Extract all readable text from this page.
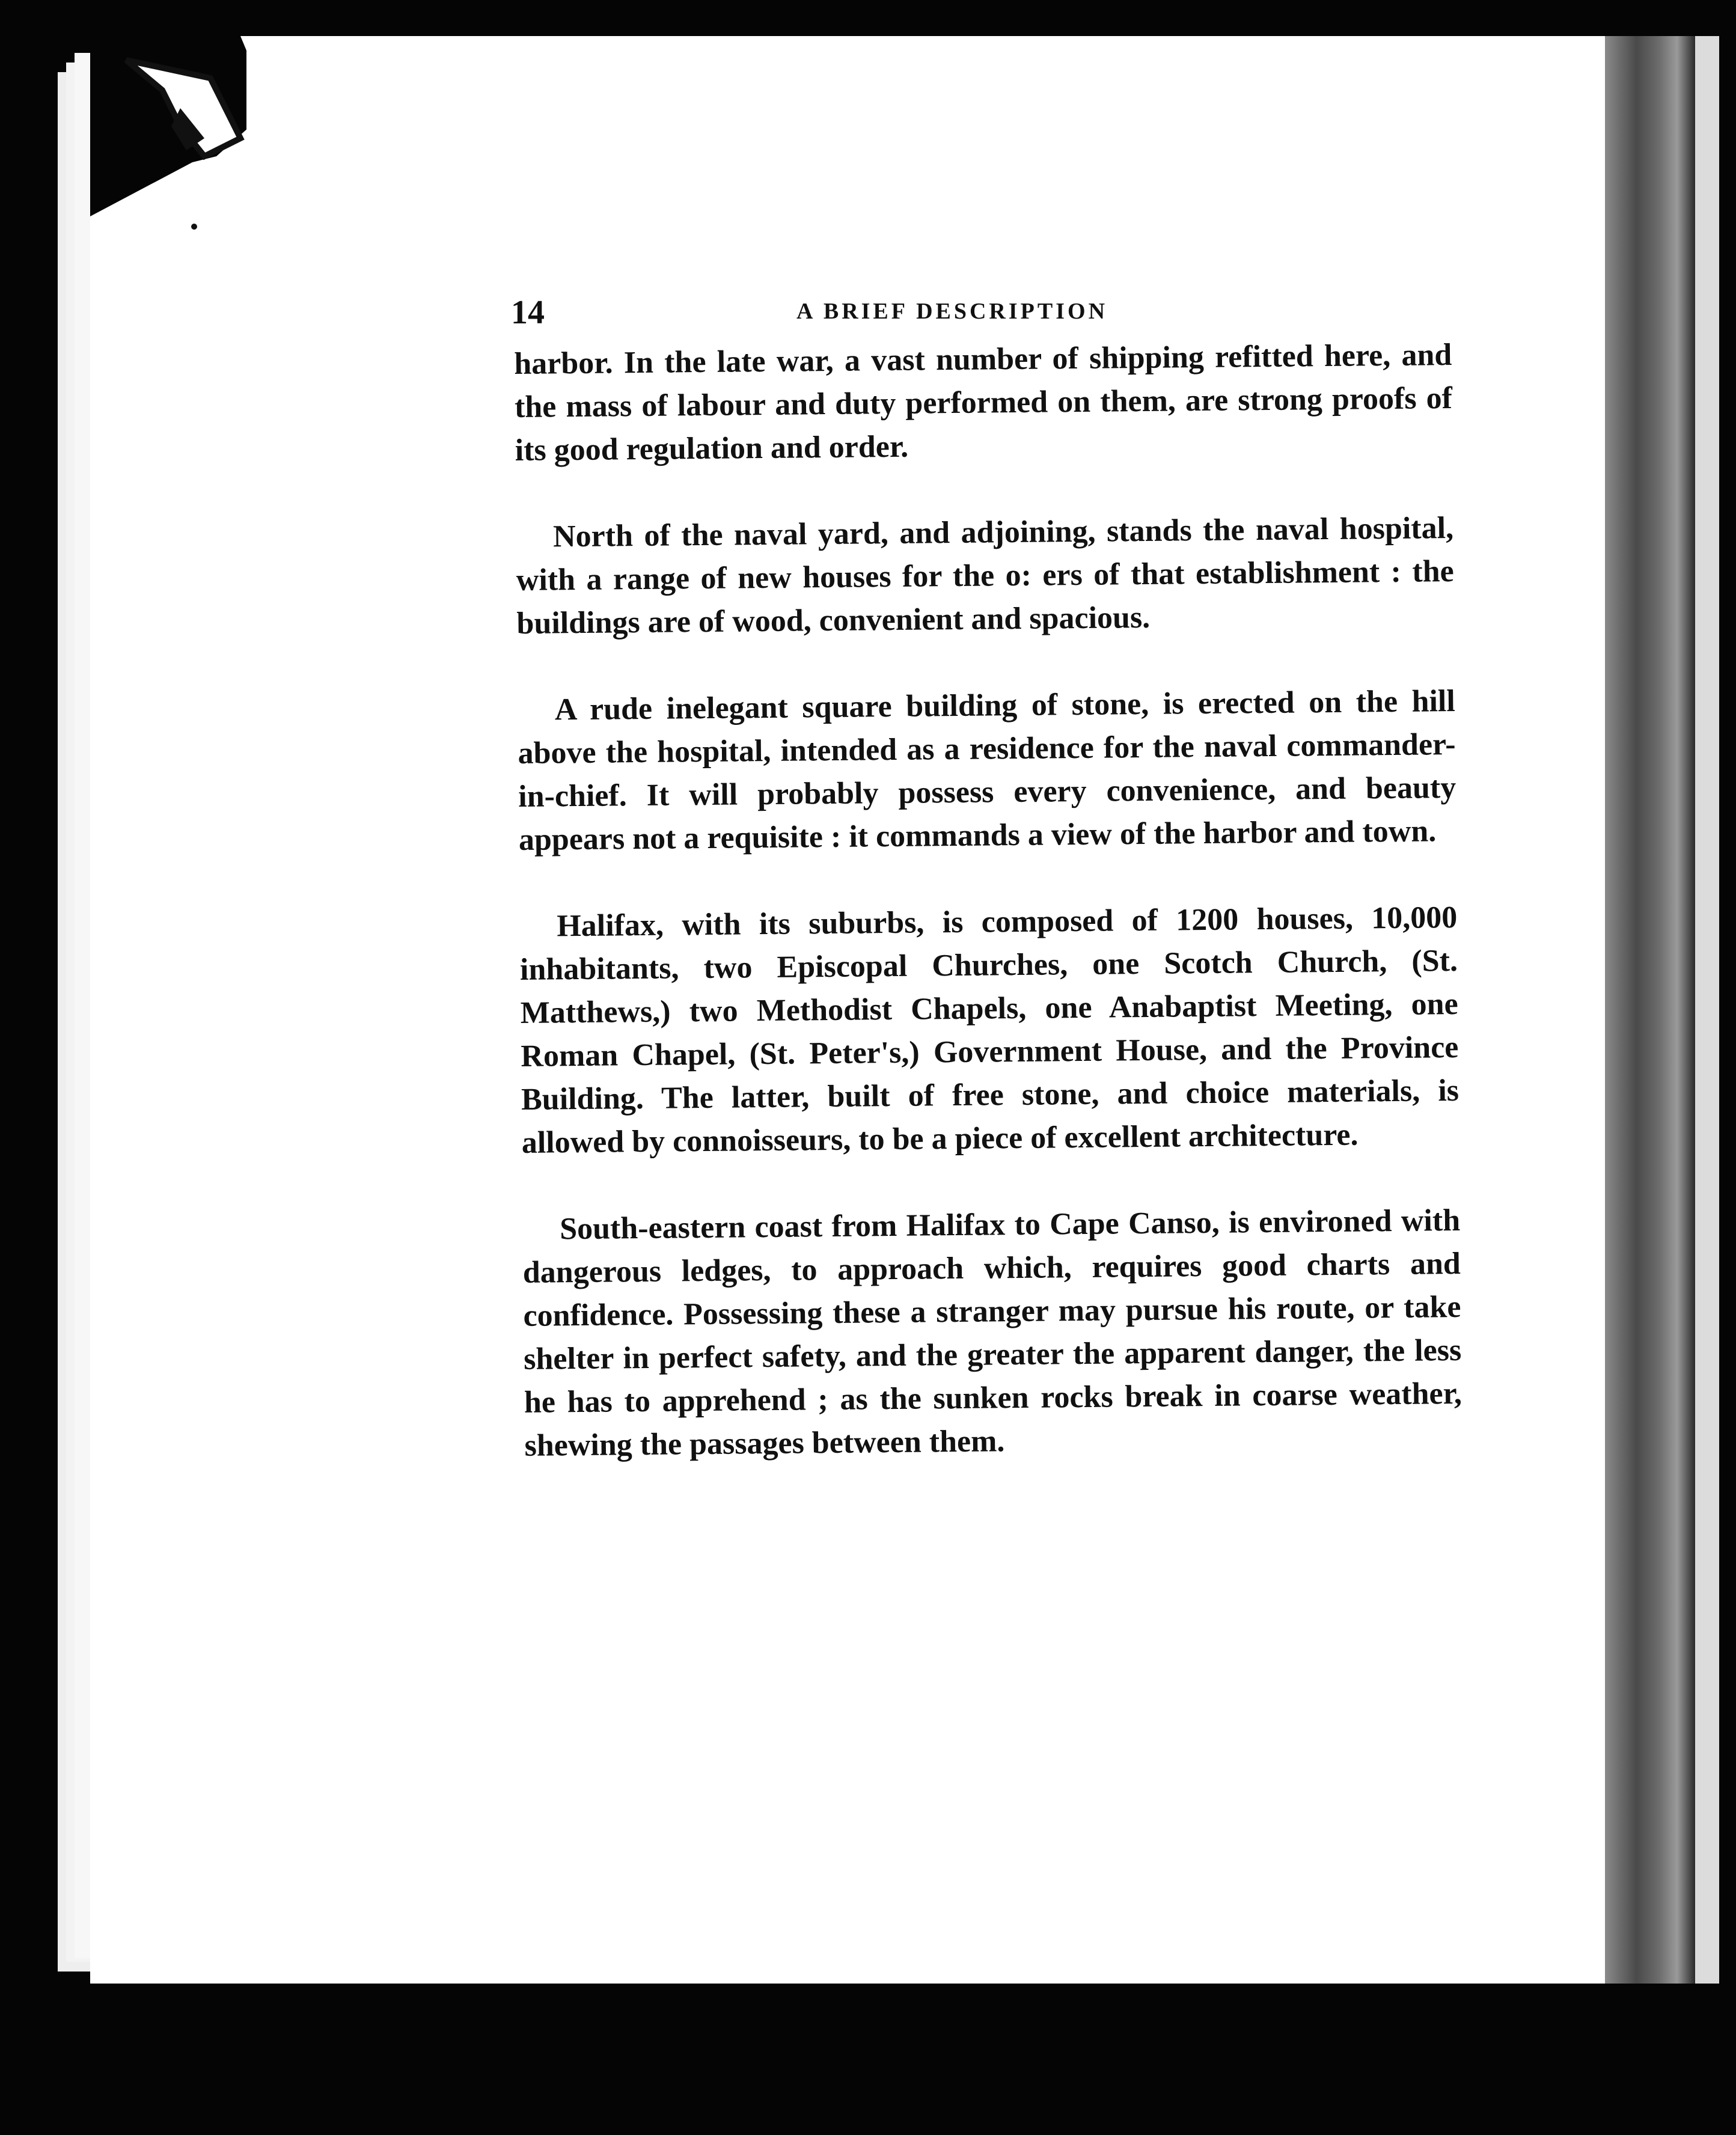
14	A BRIEF DESCRIPTION

harbor. In the late war, a vast number of shipping refitted here, and the mass of labour and duty performed on them, are strong proofs of its good regulation and order.

North of the naval yard, and adjoining, stands the naval hospital, with a range of new houses for the o: ers of that establishment : the buildings are of wood, convenient and spacious.

A rude inelegant square building of stone, is erected on the hill above the hospital, intended as a residence for the naval commander-in-chief. It will probably possess every convenience, and beauty appears not a requisite : it commands a view of the harbor and town.

Halifax, with its suburbs, is composed of 1200 houses, 10,000 inhabitants, two Episcopal Churches, one Scotch Church, (St. Matthews,) two Methodist Chapels, one Anabaptist Meeting, one Roman Chapel, (St. Peter's,) Government House, and the Province Building. The latter, built of free stone, and choice materials, is allowed by connoisseurs, to be a piece of excellent architecture.

South-eastern coast from Halifax to Cape Canso, is environed with dangerous ledges, to approach which, requires good charts and confidence. Possessing these a stranger may pursue his route, or take shelter in perfect safety, and the greater the apparent danger, the less he has to apprehend ; as the sunken rocks break in coarse weather, shewing the passages between them.
